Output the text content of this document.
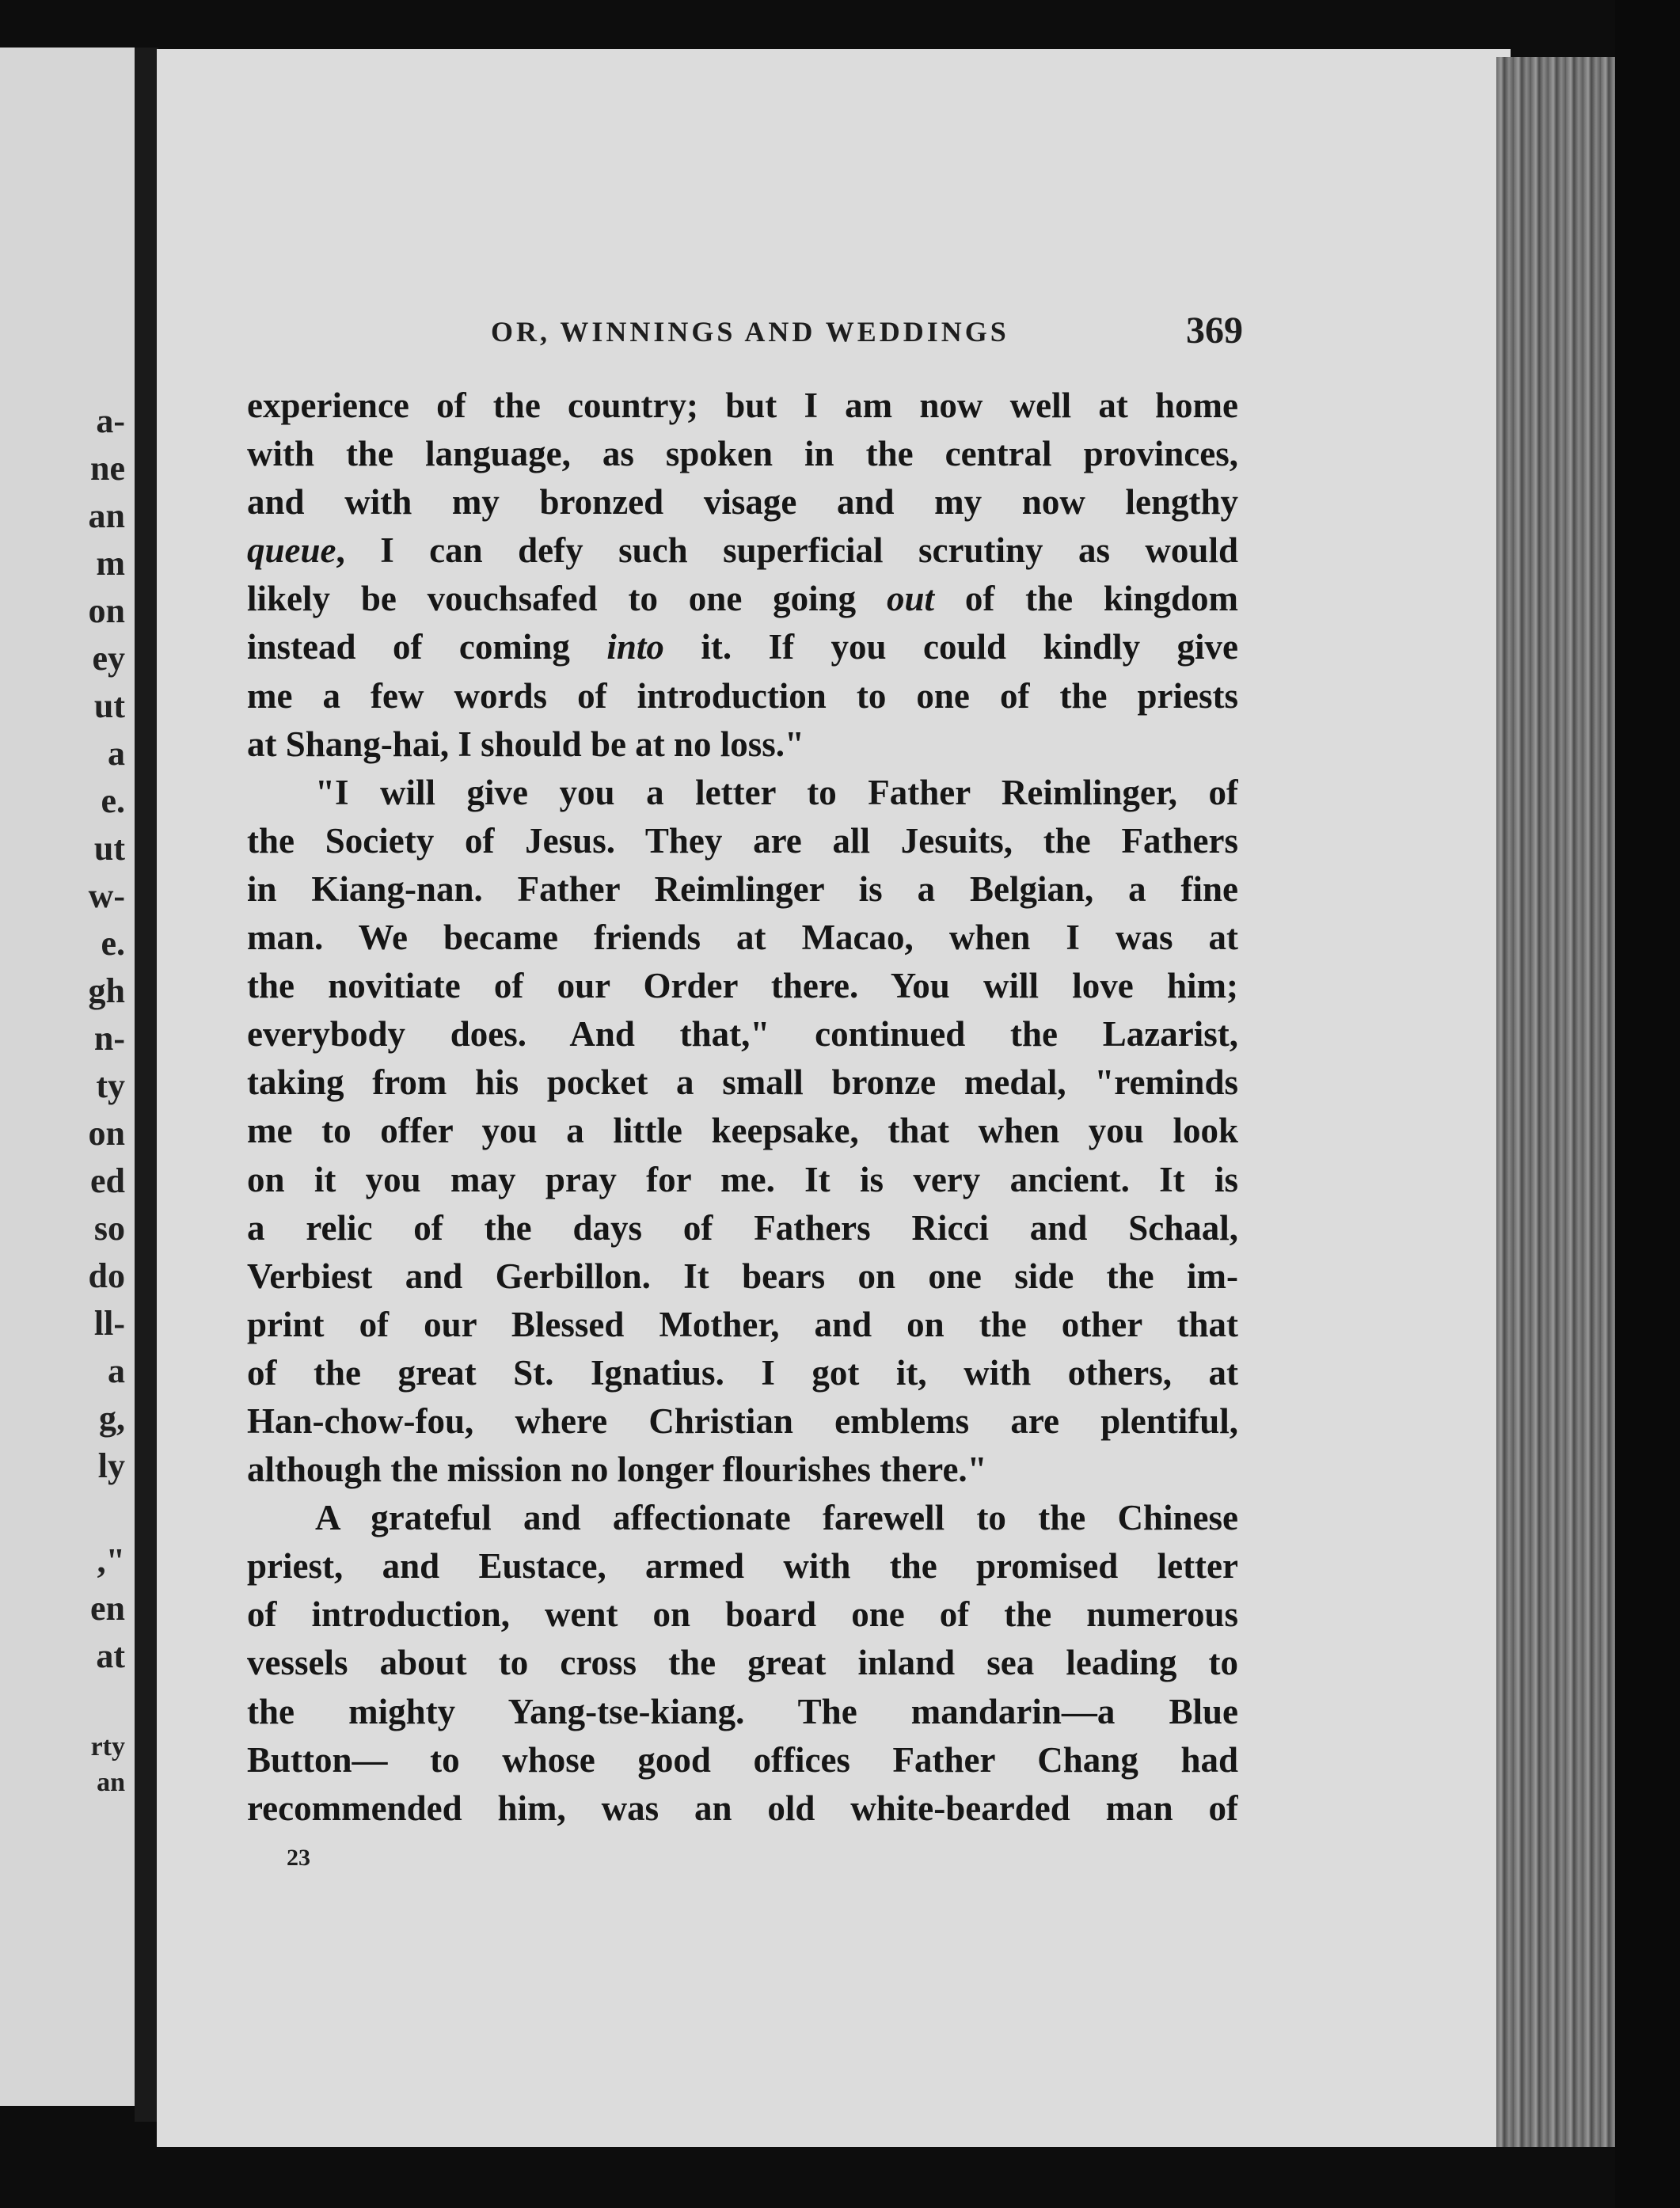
a-
ne
an
m
on
ey
ut
a
e.
ut
w-
e.
gh
n-
ty
on
ed
so
do
ll-
a
g,
ly
,"
en
at
rty
an
OR, WINNINGS AND WEDDINGS	369
experience of the country; but I am now well at home
with the language, as spoken in the central provinces,
and with my bronzed visage and my now lengthy
queue, I can defy such superficial scrutiny as would
likely be vouchsafed to one going out of the kingdom
instead of coming into it. If you could kindly give
me a few words of introduction to one of the priests
at Shang-hai, I should be at no loss."
"I will give you a letter to Father Reimlinger, of
the Society of Jesus. They are all Jesuits, the Fathers
in Kiang-nan. Father Reimlinger is a Belgian, a fine
man. We became friends at Macao, when I was at
the novitiate of our Order there. You will love him;
everybody does. And that," continued the Lazarist,
taking from his pocket a small bronze medal, "reminds
me to offer you a little keepsake, that when you look
on it you may pray for me. It is very ancient. It is
a relic of the days of Fathers Ricci and Schaal,
Verbiest and Gerbillon. It bears on one side the im-
print of our Blessed Mother, and on the other that
of the great St. Ignatius. I got it, with others, at
Han-chow-fou, where Christian emblems are plentiful,
although the mission no longer flourishes there."
A grateful and affectionate farewell to the Chinese
priest, and Eustace, armed with the promised letter
of introduction, went on board one of the numerous
vessels about to cross the great inland sea leading to
the mighty Yang-tse-kiang. The mandarin—a Blue
Button— to whose good offices Father Chang had
recommended him, was an old white-bearded man of
23
